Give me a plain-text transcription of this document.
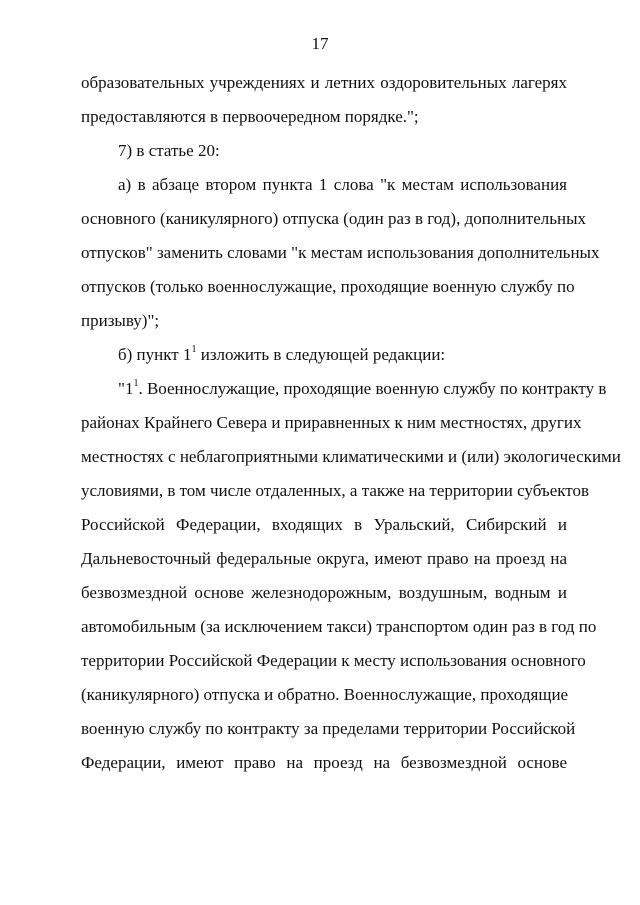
17
образовательных учреждениях и летних оздоровительных лагерях
предоставляются в первоочередном порядке.";
7) в статье 20:
а) в абзаце втором пункта 1 слова "к местам использования
основного (каникулярного) отпуска (один раз в год), дополнительных
отпусков" заменить словами "к местам использования дополнительных
отпусков (только военнослужащие, проходящие военную службу по
призыву)";
б) пункт $1^1$ изложить в следующей редакции:
"$1^1$. Военнослужащие, проходящие военную службу по контракту в
районах Крайнего Севера и приравненных к ним местностях, других
местностях с неблагоприятными климатическими и (или) экологическими
условиями, в том числе отдаленных, а также на территории субъектов
Российской Федерации, входящих в Уральский, Сибирский и
Дальневосточный федеральные округа, имеют право на проезд на
безвозмездной основе железнодорожным, воздушным, водным и
автомобильным (за исключением такси) транспортом один раз в год по
территории Российской Федерации к месту использования основного
(каникулярного) отпуска и обратно. Военнослужащие, проходящие
военную службу по контракту за пределами территории Российской
Федерации, имеют право на проезд на безвозмездной основе
